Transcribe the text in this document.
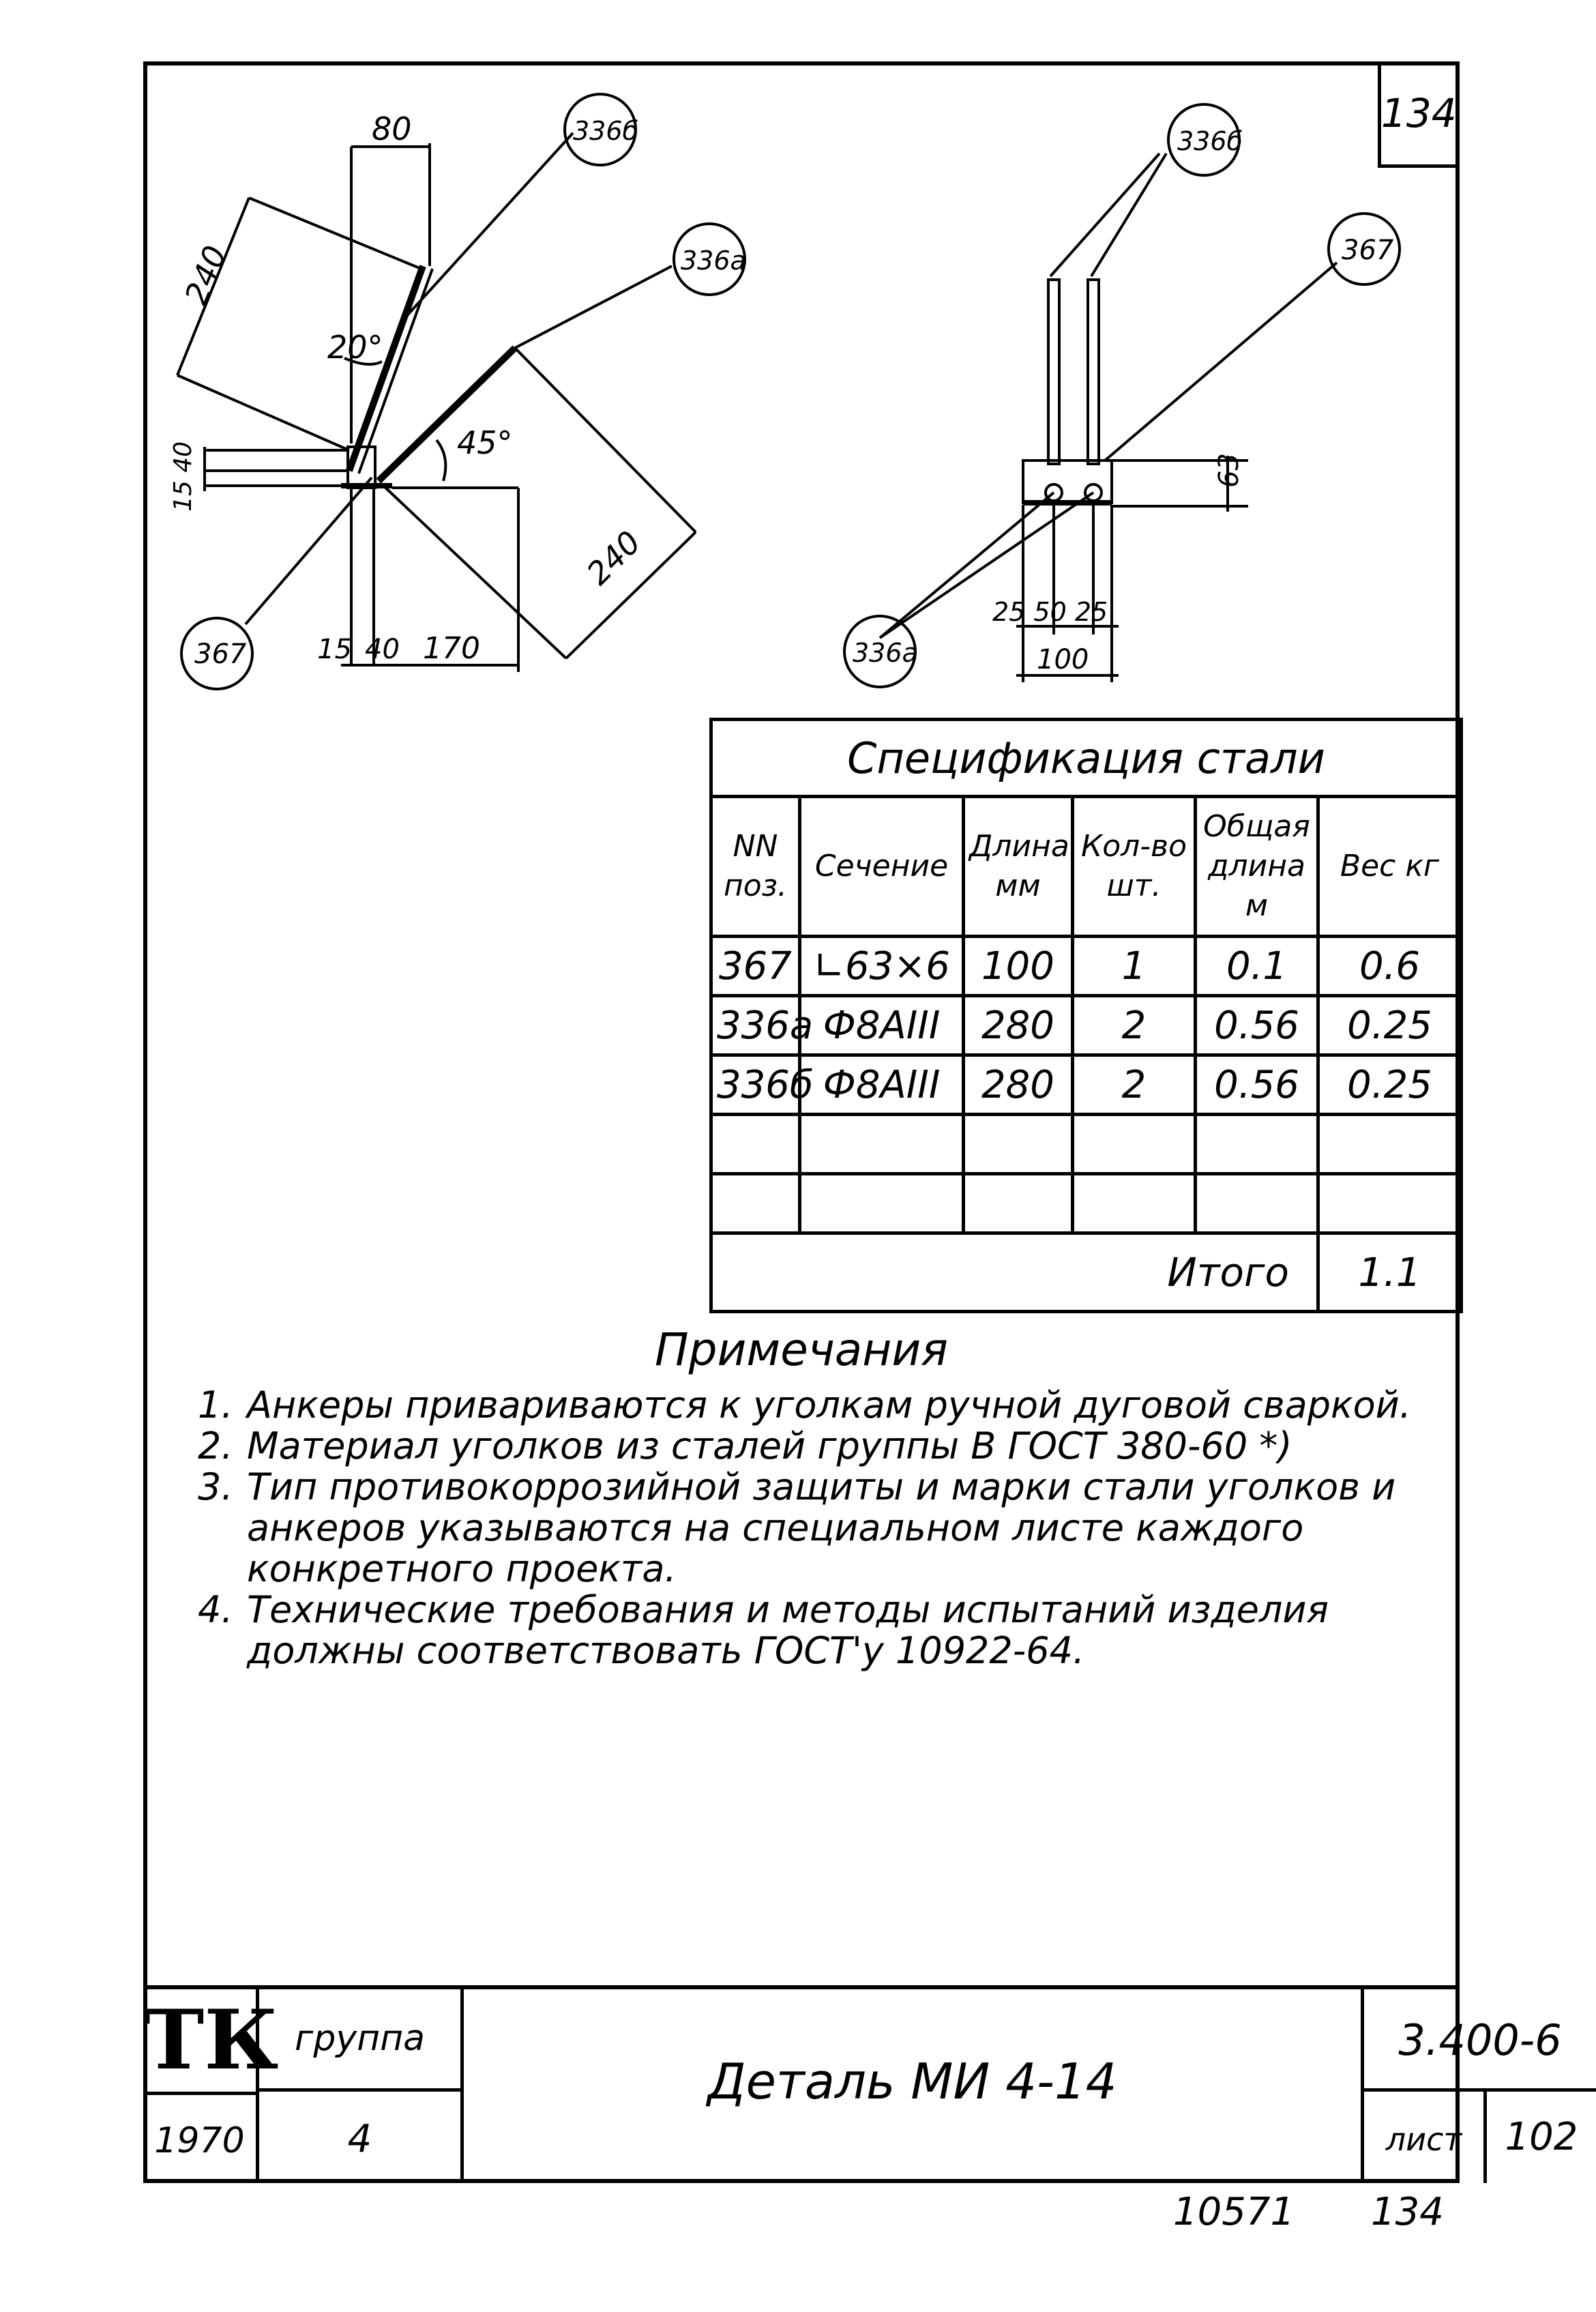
134
80
240
20°
45°
240
15 40
15 40 170
336б
336а
367
336б
367
336а
63
25 50 25
100
Спецификация стали					
NN поз.	Сечение	Длина мм	Кол-во шт.	Общая длина м	Вес кг
367	∟63×6	100	1	0.1	0.6
336а	Ф8АIII	280	2	0.56	0.25
336б	Ф8АIII	280	2	0.56	0.25

Итого					1.1
Примечания
1. Анкеры привариваются к уголкам ручной дуговой сваркой.
2. Материал уголков из сталей группы В ГОСТ 380-60 *)
3. Тип противокоррозийной защиты и марки стали уголков и анкеров указываются на специальном листе каждого конкретного проекта.
4. Технические требования и методы испытаний изделия должны соответствовать ГОСТ'у 10922-64.
ТК
1970
группа
4
Деталь МИ 4-14
3.400-6
лист	102
10571 134
